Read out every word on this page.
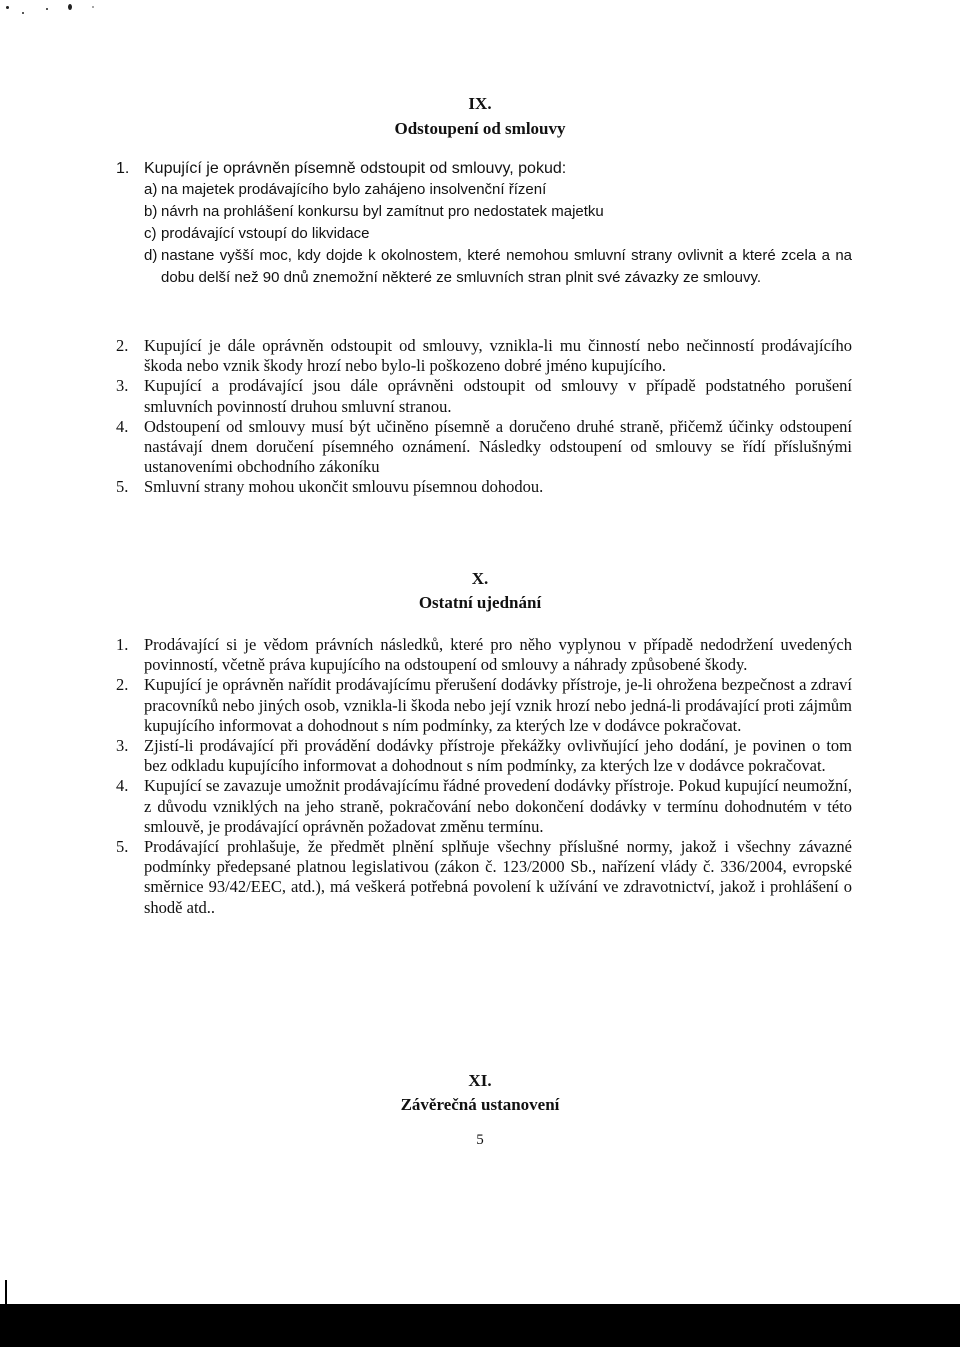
IX.
Odstoupení od smlouvy
1. Kupující je oprávněn písemně odstoupit od smlouvy, pokud:

a) na majetek prodávajícího bylo zahájeno insolvenční řízení
b) návrh na prohlášení konkursu byl zamítnut pro nedostatek majetku
c) prodávající vstoupí do likvidace
d) nastane vyšší moc, kdy dojde k okolnostem, které nemohou smluvní strany ovlivnit a které zcela a na dobu delší než 90 dnů znemožní některé ze smluvních stran plnit své závazky ze smlouvy.
2. Kupující je dále oprávněn odstoupit od smlouvy, vznikla-li mu činností nebo nečinností prodávajícího škoda nebo vznik škody hrozí nebo bylo-li poškozeno dobré jméno kupujícího.

3. Kupující a prodávající jsou dále oprávněni odstoupit od smlouvy v případě podstatného porušení smluvních povinností druhou smluvní stranou.

4. Odstoupení od smlouvy musí být učiněno písemně a doručeno druhé straně, přičemž účinky odstoupení nastávají dnem doručení písemného oznámení. Následky odstoupení od smlouvy se řídí příslušnými ustanoveními obchodního zákoníku

5. Smluvní strany mohou ukončit smlouvu písemnou dohodou.

X.
Ostatní ujednání
1. Prodávající si je vědom právních následků, které pro něho vyplynou v případě nedodržení uvedených povinností, včetně práva kupujícího na odstoupení od smlouvy a náhrady způsobené škody.

2. Kupující je oprávněn nařídit prodávajícímu přerušení dodávky přístroje, je-li ohrožena bezpečnost a zdraví pracovníků nebo jiných osob, vznikla-li škoda nebo její vznik hrozí nebo jedná-li prodávající proti zájmům kupujícího informovat a dohodnout s ním podmínky, za kterých lze v dodávce pokračovat.

3. Zjistí-li prodávající při provádění dodávky přístroje překážky ovlivňující jeho dodání, je povinen o tom bez odkladu kupujícího informovat a dohodnout s ním podmínky, za kterých lze v dodávce pokračovat.

4. Kupující se zavazuje umožnit prodávajícímu řádné provedení dodávky přístroje. Pokud kupující neumožní, z důvodu vzniklých na jeho straně, pokračování nebo dokončení dodávky v termínu dohodnutém v této smlouvě, je prodávající oprávněn požadovat změnu termínu.

5. Prodávající prohlašuje, že předmět plnění splňuje všechny příslušné normy, jakož i všechny závazné podmínky předepsané platnou legislativou (zákon č. 123/2000 Sb., nařízení vlády č. 336/2004, evropské směrnice 93/42/EEC, atd.), má veškerá potřebná povolení k užívání ve zdravotnictví, jakož i prohlášení o shodě atd..

XI.
Závěrečná ustanovení
5
